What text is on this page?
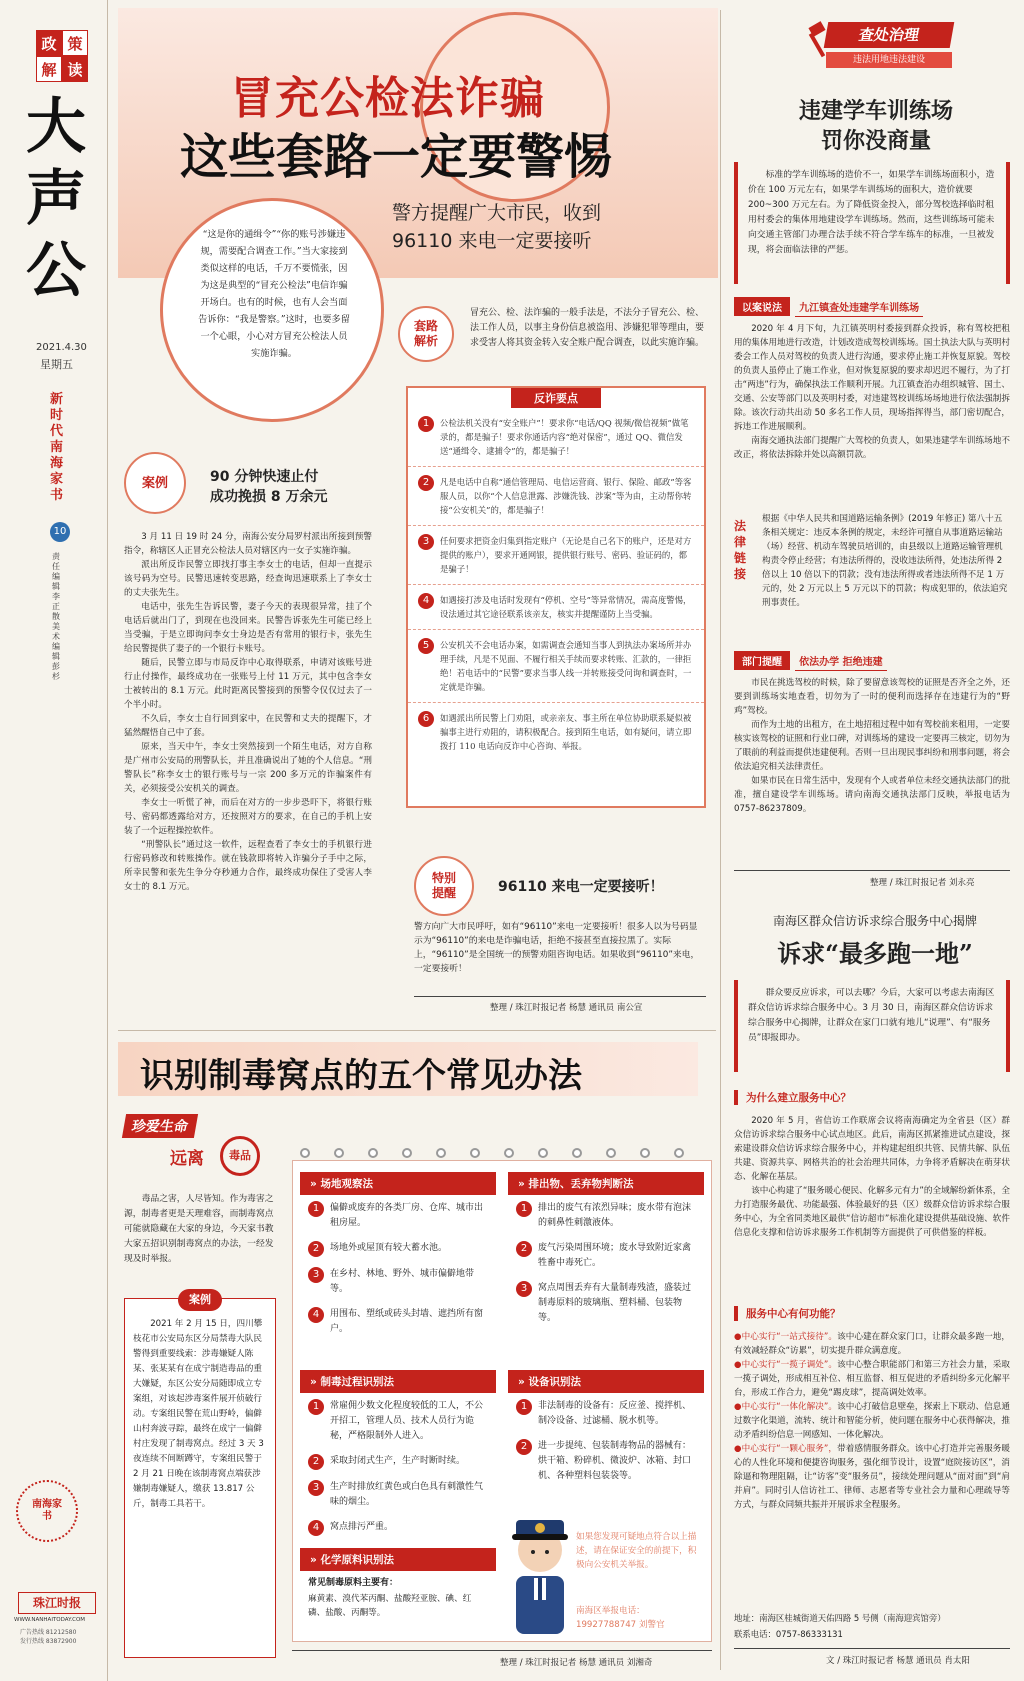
政 策
解 读
大
声
公
2021.4.30
星期五
新时代南海家书
10
责任编辑 李正散 美术编辑 彭杉
南海家书
珠江时报
WWW.NANHAITODAY.COM
广告热线 81212580
发行热线 83872900
冒充公检法诈骗
这些套路一定要警惕
警方提醒广大市民，收到
96110 来电一定要接听

“这是你的通缉令”“你的账号涉嫌违规，需要配合调查工作。”当大家接到类似这样的电话，千万不要慌张，因为这是典型的“冒充公检法”电信诈骗开场白。也有的时候，也有人会当面告诉你：“我是警察。”这时，也要多留一个心眼，小心对方冒充公检法人员实施诈骗。

案例	90 分钟快速止付
成功挽损 8 万余元

3 月 11 日 19 时 24 分，南海公安分局罗村派出所接到预警指令，称辖区人正冒充公检法人员对辖区内一女子实施诈骗。

派出所反诈民警立即找打事主李女士的电话，但却一直提示该号码为空号。民警迅速转变思路，经查询迅速联系上了李女士的丈夫张先生。

电话中，张先生告诉民警，妻子今天的表现很异常，挂了个电话后就出门了，到现在也没回来。民警告诉张先生可能已经上当受骗，于是立即询问李女士身边是否有常用的银行卡，张先生给民警提供了妻子的一个银行卡账号。

随后，民警立即与市局反诈中心取得联系，申请对该账号进行止付操作，最终成功在一张账号上付 11 万元，其中包含李女士被转出的 8.1 万元。此时距离民警接到的预警令仅仅过去了一个半小时。

不久后，李女士自行回到家中，在民警和丈夫的提醒下，才猛然醒悟自己中了套。

原来，当天中午，李女士突然接到一个陌生电话，对方自称是广州市公安局的刑警队长，并且准确说出了她的个人信息。“刑警队长”称李女士的银行账号与一宗 200 多万元的诈骗案件有关，必须接受公安机关的调查。

李女士一听慌了神，而后在对方的一步步恐吓下，将银行账号、密码都透露给对方，还按照对方的要求，在自己的手机上安装了一个远程操控软件。

“刑警队长”通过这一软件，远程查看了李女士的手机银行进行密码修改和转账操作。就在钱款即将转入诈骗分子手中之际，所幸民警和张先生争分夺秒通力合作，最终成功保住了受害人李女士的 8.1 万元。

套路解析

冒充公、检、法诈骗的一般手法是，不法分子冒充公、检、法工作人员，以事主身份信息被盗用、涉嫌犯罪等理由，要求受害人将其资金转入安全账户配合调查，以此实施诈骗。

反诈要点
1	公检法机关没有“安全账户”！要求你“电话/QQ 视频/微信视频”做笔录的，都是骗子！要求你通话内容“绝对保密”，通过 QQ、微信发送“通缉令、逮捕令”的，都是骗子！

2	凡是电话中自称“通信管理局、电信运营商、银行、保险、邮政”等客服人员，以你“个人信息泄露、涉嫌洗钱、涉案”等为由，主动帮你转接“公安机关”的，都是骗子！

3	任何要求把资金归集到指定账户（无论是自己名下的账户，还是对方提供的账户），要求开通网银，提供银行账号、密码、验证码的，都是骗子！

4	如遇接打涉及电话时发现有“停机、空号”等异常情况，需高度警惕，设法通过其它途径联系该亲友，核实并提醒谨防上当受骗。

5	公安机关不会电话办案，如需调查会通知当事人到执法办案场所并办理手续，凡是不见面、不履行相关手续而要求转账、汇款的，一律拒绝！若电话中的“民警”要求当事人线一并转账接受问询和调查时，一定就是诈骗。

6	如遇派出所民警上门劝阻，或亲亲友、事主所在单位协助联系疑似被骗事主进行劝阻的，请积极配合。接到陌生电话，如有疑问，请立即拨打 110 电话向反诈中心咨询、举报。

特别提醒	96110 来电一定要接听！

警方向广大市民呼吁，如有“96110”来电一定要接听！很多人以为号码显示为“96110”的来电是诈骗电话，拒绝不接甚至直接拉黑了。实际上，“96110”是全国统一的预警劝阻咨询电话。如果收到“96110”来电，一定要接听！

整理 / 珠江时报记者 杨慧 通讯员 南公宣
查处治理
违法用地违法建设
违建学车训练场
罚你没商量

标准的学车训练场的造价不一，如果学车训练场面积小，造价在 100 万元左右，如果学车训练场的面积大，造价就要 200~300 万元左右。为了降低资金投入，部分驾校选择临时租用村委会的集体用地建设学车训练场。然而，这些训练场可能未向交通主管部门办理合法手续不符合学车练车的标准，一旦被发现，将会面临法律的严惩。

以案说法 九江镇查处违建学车训练场

2020 年 4 月下旬，九江镇英明村委接到群众投诉，称有驾校把租用的集体用地进行改造，计划改造成驾校训练场。国土执法大队与英明村委会工作人员对驾校的负责人进行沟通，要求停止施工并恢复原貌。驾校的负责人虽停止了施工作业，但对恢复原貌的要求却迟迟不履行，为了打击“两违”行为，确保执法工作顺利开展。九江镇查治办组织城管、国土、交通、公安等部门以及英明村委，对违建驾校训练场场地进行依法强制拆除。该次行动共出动 50 多名工作人员，现场指挥得当，部门密切配合，拆违工作进展顺利。

南海交通执法部门提醒广大驾校的负责人，如果违建学车训练场地不改正，将依法拆除并处以高额罚款。

法律链接

根据《中华人民共和国道路运输条例》(2019 年修正) 第八十五条相关规定：违反本条例的规定，未经许可擅自从事道路运输站（场）经营、机动车驾驶员培训的，由县级以上道路运输管理机构责令停止经营；有违法所得的，没收违法所得，处违法所得 2 倍以上 10 倍以下的罚款；没有违法所得或者违法所得不足 1 万元的，处 2 万元以上 5 万元以下的罚款；构成犯罪的，依法追究刑事责任。

部门提醒 依法办学 拒绝违建

市民在挑选驾校的时候，除了要留意该驾校的证照是否齐全之外，还要到训练场实地查看，切勿为了一时的便利而选择存在违建行为的“野鸡”驾校。

而作为土地的出租方，在土地招租过程中如有驾校前来租用，一定要核实该驾校的证照和行业口碑，对训练场的建设一定要再三核定，切勿为了眼前的利益而提供违建便利。否则一旦出现民事纠纷和刑事问题，将会依法追究相关法律责任。

如果市民在日常生活中，发现有个人或者单位未经交通执法部门的批准，擅自建设学车训练场。请向南海交通执法部门反映，举报电话为 0757-86237809。

整理 / 珠江时报记者 刘永亮
南海区群众信访诉求综合服务中心揭牌
诉求“最多跑一地”

群众要反应诉求，可以去哪？今后，大家可以考虑去南海区群众信访诉求综合服务中心。3 月 30 日，南海区群众信访诉求综合服务中心揭牌，让群众在家门口就有地儿“说理”、有“服务员”即报即办。

为什么建立服务中心？

2020 年 5 月，省信访工作联席会议将南海确定为全省县（区）群众信访诉求综合服务中心试点地区。此后，南海区抓紧推进试点建设，探索建设群众信访诉求综合服务中心，并构建起组织共管、民情共解、队伍共建、资源共享、网格共治的社会治理共同体，力争将矛盾解决在萌芽状态、化解在基层。

该中心构建了“服务暖心便民、化解多元有力”的全域解纷新体系，全力打造服务最优、功能最强、体验最好的县（区）级群众信访诉求综合服务中心，为全省同类地区最供“信访超市”标准化建设提供基础设施、软件信息化支撑和信访诉求服务工作机制等方面提供了可供借鉴的样板。

服务中心有何功能？

●中心实行“一站式接待”。该中心建在群众家门口，让群众最多跑一地，有效减轻群众“访累”，切实提升群众满意度。

●中心实行“一揽子调处”。该中心整合职能部门和第三方社会力量，采取一揽子调处，形成相互补位、相互监督、相互促进的矛盾纠纷多元化解平台，形成工作合力，避免“踢皮球”，提高调处效率。

●中心实行“一体化解决”。该中心打破信息壁垒，探索上下联动、信息通过数字化渠道，流转、统计和智能分析，使问题在服务中心获得解决，推动矛盾纠纷信息一网感知、一体化解决。

●中心实行“一颗心服务”，带着感情服务群众。该中心打造并完善服务暖心的人性化环境和便捷咨询服务，强化细节设计，设置“庭院接访区”，消除逼和物理阻隔，让“访客”变“服务员”，接续处理问题从“面对面”到“肩并肩”。同时引人信访社工、律师、志愿者等专业社会力量和心理疏导等方式，与群众同频共振并开展诉求全程服务。

地址：南海区桂城街道天佑四路 5 号侧（南海迎宾馆旁）
联系电话：0757-86333131
文 / 珠江时报记者 杨慧 通讯员 肖太阳
识别制毒窝点的五个常见办法
珍爱生命
远离	毒品

毒品之害，人尽皆知。作为毒害之源，制毒者更是天理难容，而制毒窝点可能就隐藏在大家的身边，今天家书教大家五招识别制毒窝点的办法，一经发现及时举报。

案例

2021 年 2 月 15 日，四川攀枝花市公安局东区分局禁毒大队民警得到重要线索：涉毒嫌疑人陈某、张某某有在成宁制造毒品的重大嫌疑，东区公安分局随即成立专案组，对该起涉毒案件展开侦破行动。专案组民警在荒山野岭，偏僻山村奔波寻踪，最终在成宁一偏僻村庄发现了制毒窝点。经过 3 天 3 夜连续不间断蹲守，专案组民警于 2 月 21 日晚在该制毒窝点端获涉嫌制毒嫌疑人，缴获 13.817 公斤，制毒工具若干。

» 场地观察法
1	偏僻或废弃的各类厂房、仓库、城市出租房屋。

2	场地外或屋顶有较大蓄水池。

3	在乡村、林地、野外、城市偏僻地带等。

4	用围布、塑纸或砖头封墙、遮挡所有窗户。

» 排出物、丢弃物判断法
1	排出的废气有浓烈异味；废水带有泡沫的刺鼻性刺激液体。

2	废气污染周围环境；废水导致附近家禽牲畜中毒死亡。

3	窝点周围丢弃有大量制毒残渣，盛装过制毒原料的玻璃瓶、塑料桶、包装物等。

» 制毒过程识别法
1	常雇佣少数文化程度较低的工人，不公开招工，管理人员、技术人员行为诡秘，严格限制外人进入。

2	采取封闭式生产，生产时断时续。

3	生产时排放红黄色或白色具有刺激性气味的烟尘。

4	窝点排污严重。

» 设备识别法
1	非法制毒的设备有：反应釜、搅拌机、制冷设备、过滤桶、脱水机等。

2	进一步提纯、包装制毒物品的器械有：烘干箱、粉碎机、微波炉、冰箱、封口机、各种塑料包装袋等。

» 化学原料识别法

常见制毒原料主要有：

麻黄素、溴代苯丙酮、盐酸羟亚胺、碘、红磷、盐酸、丙酮等。

如果您发现可疑地点符合以上描述，请在保证安全的前提下，积极向公安机关举报。

南海区举报电话：
19927788747 刘警官
整理 / 珠江时报记者 杨慧 通讯员 刘湘奇
